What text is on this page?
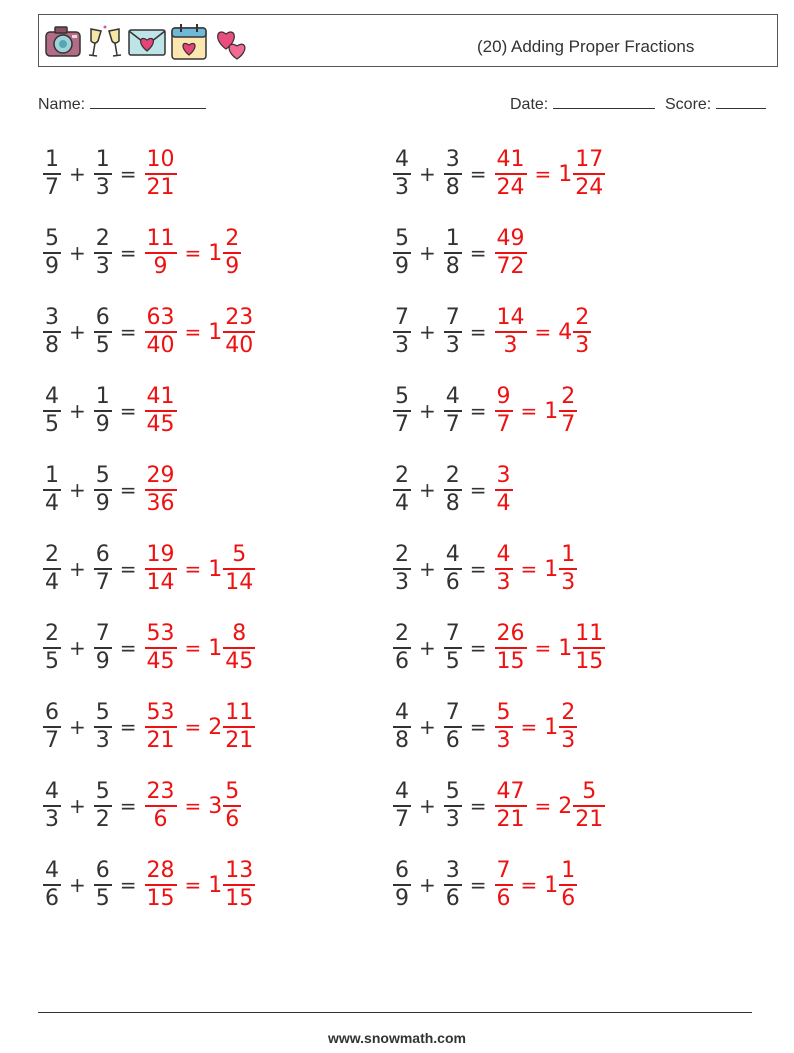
(20) Adding Proper Fractions
Name:	Date:	Score:
$\frac{1}{7} + \frac{1}{3} = \frac{10}{21}$	$\frac{4}{3} + \frac{3}{8} = \frac{41}{24} = 1 \frac{17}{24}$
$\frac{5}{9} + \frac{2}{3} = \frac{11}{9} = 1 \frac{2}{9}$	$\frac{5}{9} + \frac{1}{8} = \frac{49}{72}$
$\frac{3}{8} + \frac{6}{5} = \frac{63}{40} = 1 \frac{23}{40}$	$\frac{7}{3} + \frac{7}{3} = \frac{14}{3} = 4 \frac{2}{3}$
$\frac{4}{5} + \frac{1}{9} = \frac{41}{45}$	$\frac{5}{7} + \frac{4}{7} = \frac{9}{7} = 1 \frac{2}{7}$
$\frac{1}{4} + \frac{5}{9} = \frac{29}{36}$	$\frac{2}{4} + \frac{2}{8} = \frac{3}{4}$
$\frac{2}{4} + \frac{6}{7} = \frac{19}{14} = 1 \frac{5}{14}$	$\frac{2}{3} + \frac{4}{6} = \frac{4}{3} = 1 \frac{1}{3}$
$\frac{2}{5} + \frac{7}{9} = \frac{53}{45} = 1 \frac{8}{45}$	$\frac{2}{6} + \frac{7}{5} = \frac{26}{15} = 1 \frac{11}{15}$
$\frac{6}{7} + \frac{5}{3} = \frac{53}{21} = 2 \frac{11}{21}$	$\frac{4}{8} + \frac{7}{6} = \frac{5}{3} = 1 \frac{2}{3}$
$\frac{4}{3} + \frac{5}{2} = \frac{23}{6} = 3 \frac{5}{6}$	$\frac{4}{7} + \frac{5}{3} = \frac{47}{21} = 2 \frac{5}{21}$
$\frac{4}{6} + \frac{6}{5} = \frac{28}{15} = 1 \frac{13}{15}$	$\frac{6}{9} + \frac{3}{6} = \frac{7}{6} = 1 \frac{1}{6}$
www.snowmath.com
